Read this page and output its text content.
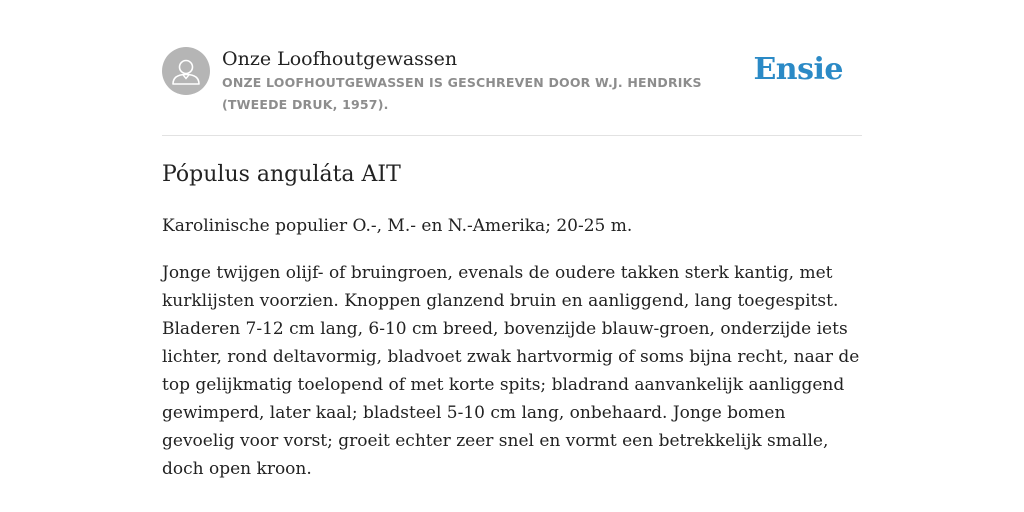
Onze Loofhoutgewassen
ONZE LOOFHOUTGEWASSEN IS GESCHREVEN DOOR W.J. HENDRIKS (TWEEDE DRUK, 1957).
Ensie
Pópulus anguláta AIT

Karolinische populier O.-, M.- en N.-Amerika; 20-25 m.

Jonge twijgen olijf- of bruingroen, evenals de oudere takken sterk kantig, met kurklijsten voorzien. Knoppen glanzend bruin en aanliggend, lang toegespitst. Bladeren 7-12 cm lang, 6-10 cm breed, bovenzijde blauw-groen, onderzijde iets lichter, rond deltavormig, bladvoet zwak hartvormig of soms bijna recht, naar de top gelijkmatig toelopend of met korte spits; bladrand aanvankelijk aanliggend gewimperd, later kaal; bladsteel 5-10 cm lang, onbehaard. Jonge bomen gevoelig voor vorst; groeit echter zeer snel en vormt een betrekkelijk smalle, doch open kroon.
